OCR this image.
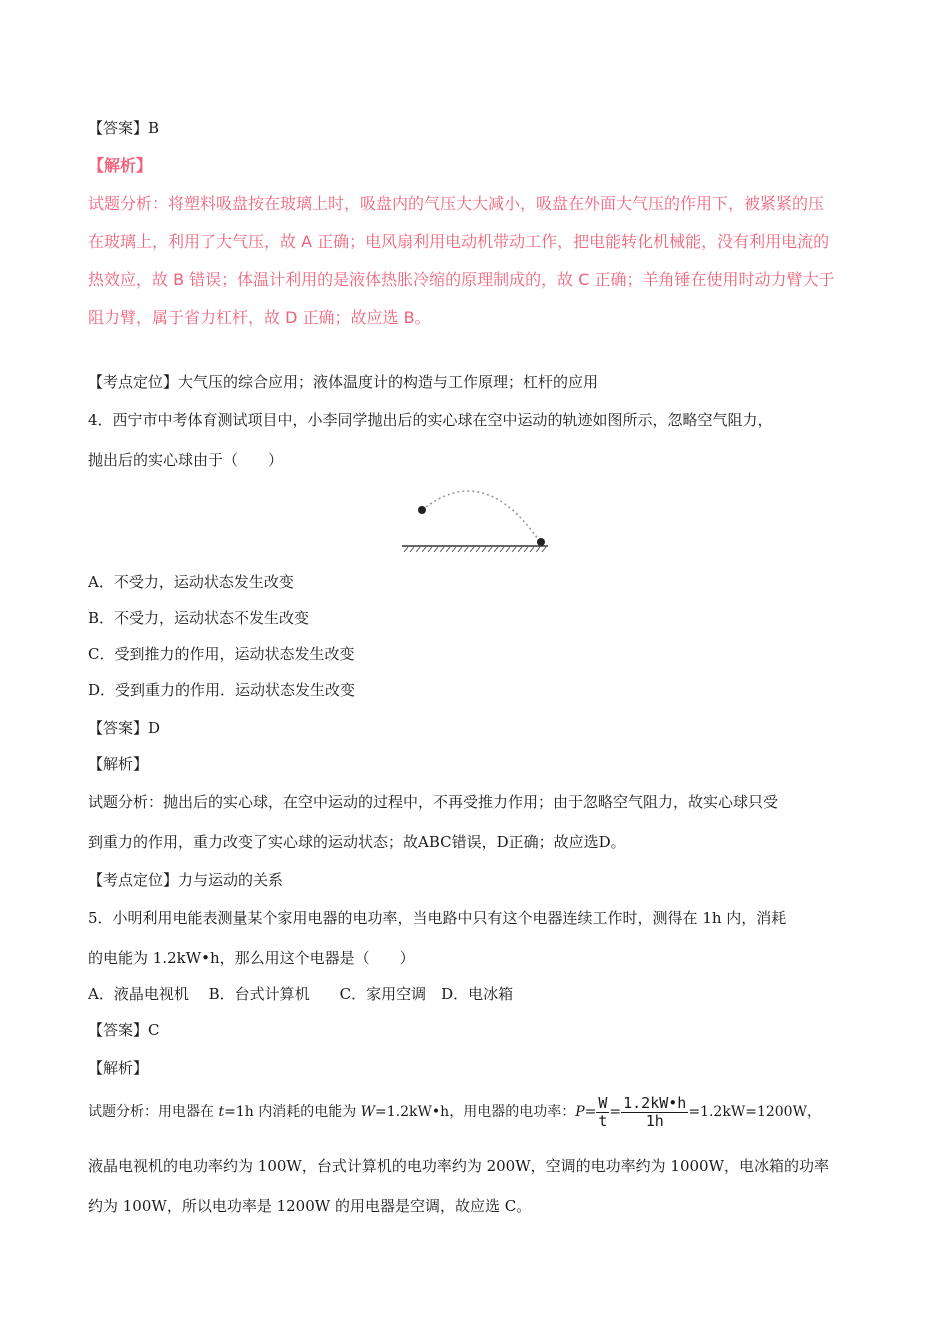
【答案】B
【解析】
试题分析：将塑料吸盘按在玻璃上时，吸盘内的气压大大减小，吸盘在外面大气压的作用下，被紧紧的压
在玻璃上，利用了大气压，故 A 正确；电风扇利用电动机带动工作，把电能转化机械能，没有利用电流的
热效应，故 B 错误；体温计利用的是液体热胀冷缩的原理制成的，故 C 正确；羊角锤在使用时动力臂大于
阻力臂，属于省力杠杆，故 D 正确；故应选 B。
【考点定位】大气压的综合应用；液体温度计的构造与工作原理；杠杆的应用
4．西宁市中考体育测试项目中，小李同学抛出后的实心球在空中运动的轨迹如图所示，忽略空气阻力，
抛出后的实心球由于（　　）
A．不受力，运动状态发生改变
B．不受力，运动状态不发生改变
C．受到推力的作用，运动状态发生改变
D．受到重力的作用．运动状态发生改变
【答案】D
【解析】
试题分析：抛出后的实心球，在空中运动的过程中，不再受推力作用；由于忽略空气阻力，故实心球只受
到重力的作用，重力改变了实心球的运动状态；故ABC错误，D正确；故应选D。
【考点定位】力与运动的关系
5．小明利用电能表测量某个家用电器的电功率，当电路中只有这个电器连续工作时，测得在 1h 内，消耗
的电能为 1.2kW•h，那么用这个电器是（　　）
A．液晶电视机　 B．台式计算机　　C．家用空调　D．电冰箱
【答案】C
【解析】
试题分析：用电器在 t=1h 内消耗的电能为 W=1.2kW•h，用电器的电功率：$P= \frac{W}{t} = \frac{1.2kW•h}{1h} =1.2kW=1200W$，
液晶电视机的电功率约为 100W，台式计算机的电功率约为 200W，空调的电功率约为 1000W，电冰箱的功率
约为 100W，所以电功率是 1200W 的用电器是空调，故应选 C。
